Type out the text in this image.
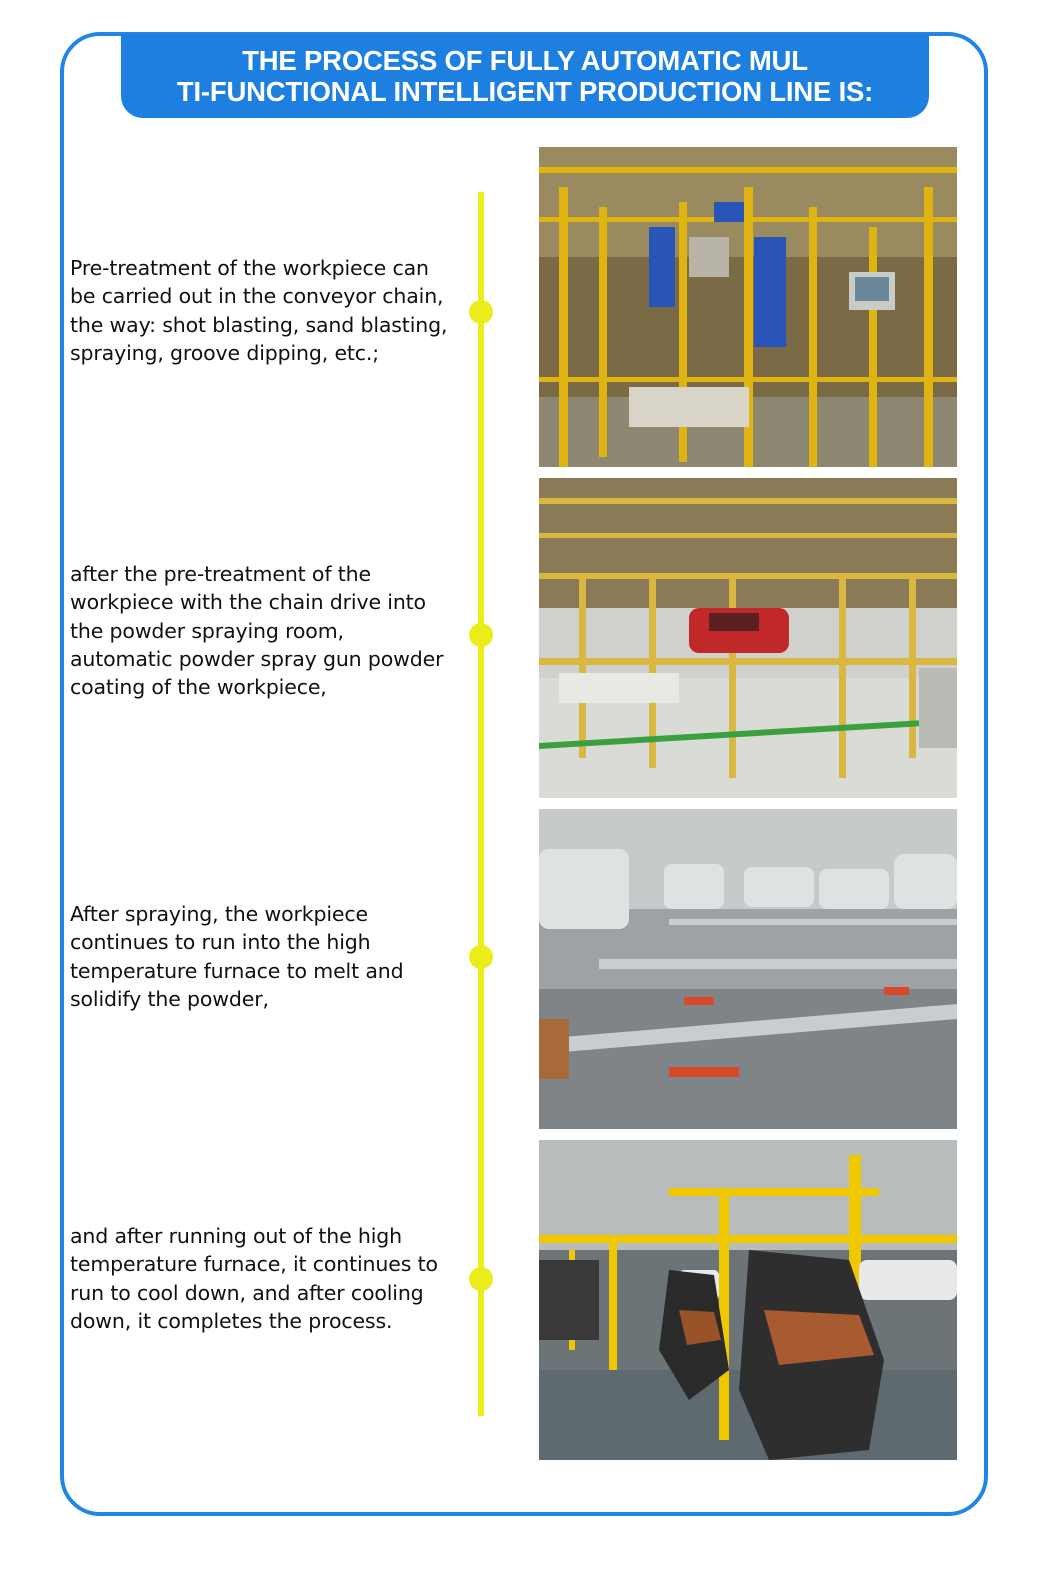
THE PROCESS OF FULLY AUTOMATIC MUL
TI-FUNCTIONAL INTELLIGENT PRODUCTION LINE IS:
Pre-treatment of the workpiece can
be carried out in the conveyor chain,
the way: shot blasting, sand blasting,
spraying, groove dipping, etc.;
after the pre-treatment of the
workpiece with the chain drive into
the powder spraying room,
automatic powder spray gun powder
coating of the workpiece,
After spraying, the workpiece
continues to run into the high
temperature furnace to melt and
solidify the powder,
and after running out of the high
temperature furnace, it continues to
run to cool down, and after cooling
down, it completes the process.
